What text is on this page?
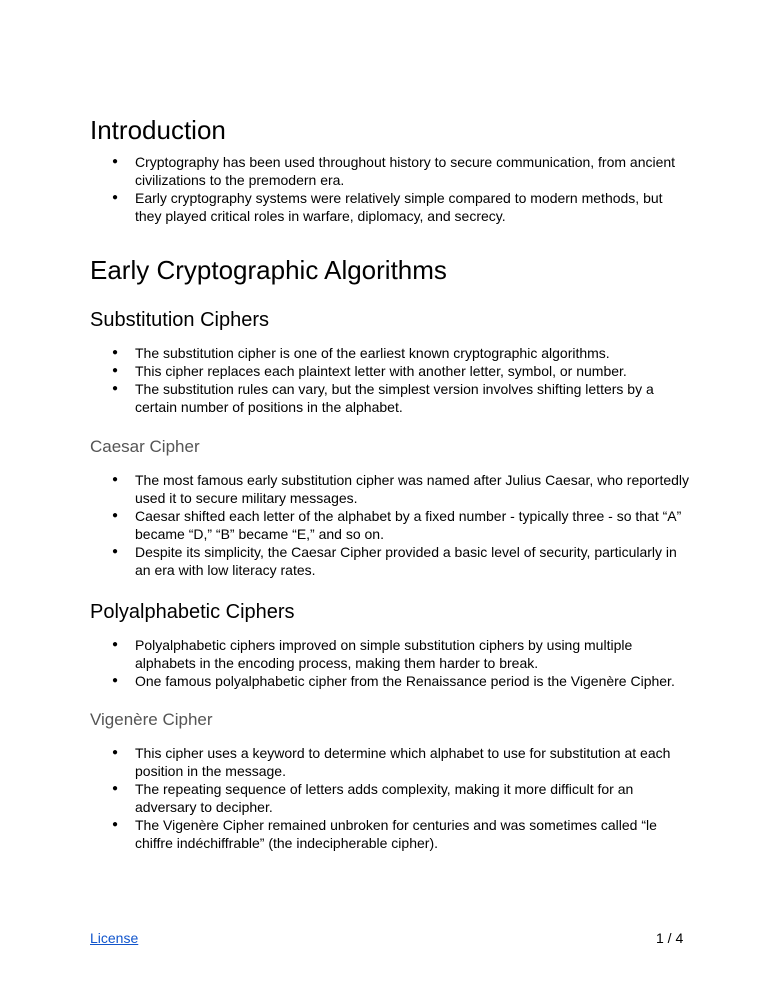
Introduction
● Cryptography has been used throughout history to secure communication, from ancient civilizations to the premodern era.
● Early cryptography systems were relatively simple compared to modern methods, but they played critical roles in warfare, diplomacy, and secrecy.
Early Cryptographic Algorithms
Substitution Ciphers
● The substitution cipher is one of the earliest known cryptographic algorithms.
● This cipher replaces each plaintext letter with another letter, symbol, or number.
● The substitution rules can vary, but the simplest version involves shifting letters by a certain number of positions in the alphabet.
Caesar Cipher
● The most famous early substitution cipher was named after Julius Caesar, who reportedly used it to secure military messages.
● Caesar shifted each letter of the alphabet by a fixed number - typically three - so that “A” became “D,” “B” became “E,” and so on.
● Despite its simplicity, the Caesar Cipher provided a basic level of security, particularly in an era with low literacy rates.
Polyalphabetic Ciphers
● Polyalphabetic ciphers improved on simple substitution ciphers by using multiple alphabets in the encoding process, making them harder to break.
● One famous polyalphabetic cipher from the Renaissance period is the Vigenère Cipher.
Vigenère Cipher
● This cipher uses a keyword to determine which alphabet to use for substitution at each position in the message.
● The repeating sequence of letters adds complexity, making it more difficult for an adversary to decipher.
● The Vigenère Cipher remained unbroken for centuries and was sometimes called “le chiffre indéchiffrable” (the indecipherable cipher).
License	1 / 4
